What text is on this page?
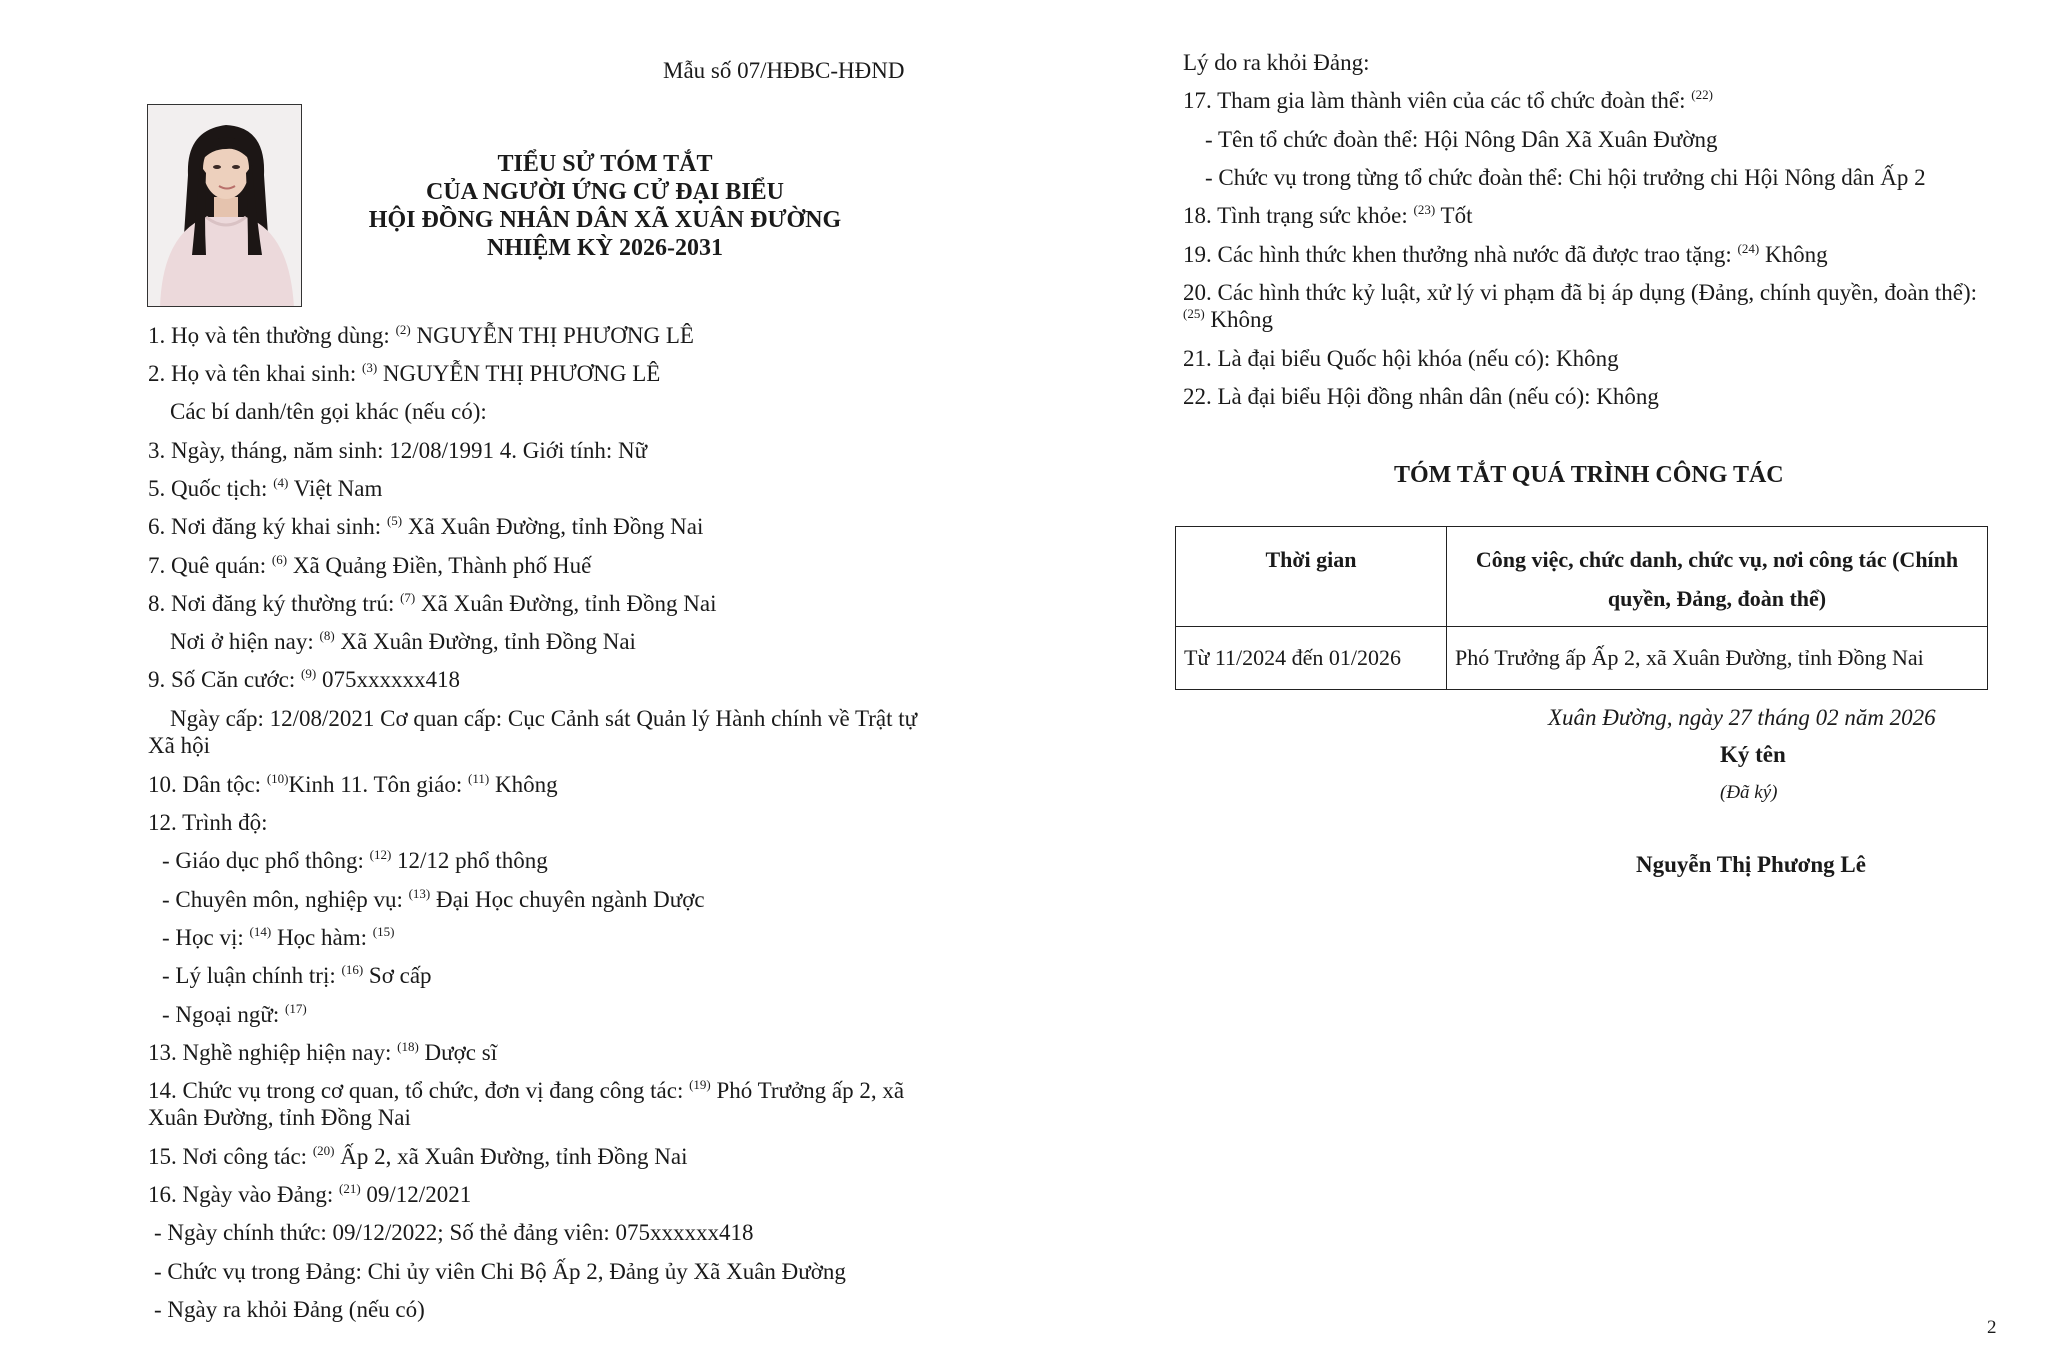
Mẫu số 07/HĐBC-HĐND
TIỂU SỬ TÓM TẮT
CỦA NGƯỜI ỨNG CỬ ĐẠI BIỂU
HỘI ĐỒNG NHÂN DÂN XÃ XUÂN ĐƯỜNG
NHIỆM KỲ 2026-2031
1. Họ và tên thường dùng: $^{(2)}$ NGUYỄN THỊ PHƯƠNG LÊ
2. Họ và tên khai sinh: $^{(3)}$ NGUYỄN THỊ PHƯƠNG LÊ
Các bí danh/tên gọi khác (nếu có):
3. Ngày, tháng, năm sinh: 12/08/1991 4. Giới tính: Nữ
5. Quốc tịch: $^{(4)}$ Việt Nam
6. Nơi đăng ký khai sinh: $^{(5)}$ Xã Xuân Đường, tỉnh Đồng Nai
7. Quê quán: $^{(6)}$ Xã Quảng Điền, Thành phố Huế
8. Nơi đăng ký thường trú: $^{(7)}$ Xã Xuân Đường, tỉnh Đồng Nai
Nơi ở hiện nay: $^{(8)}$ Xã Xuân Đường, tỉnh Đồng Nai
9. Số Căn cước: $^{(9)}$ 075xxxxxx418
Ngày cấp: 12/08/2021 Cơ quan cấp: Cục Cảnh sát Quản lý Hành chính về Trật tự
Xã hội
10. Dân tộc: $^{(10)}$Kinh 11. Tôn giáo: $^{(11)}$ Không
12. Trình độ:
- Giáo dục phổ thông: $^{(12)}$ 12/12 phổ thông
- Chuyên môn, nghiệp vụ: $^{(13)}$ Đại Học chuyên ngành Dược
- Học vị: $^{(14)}$ Học hàm: $^{(15)}$
- Lý luận chính trị: $^{(16)}$ Sơ cấp
- Ngoại ngữ: $^{(17)}$
13. Nghề nghiệp hiện nay: $^{(18)}$ Dược sĩ
14. Chức vụ trong cơ quan, tổ chức, đơn vị đang công tác: $^{(19)}$ Phó Trưởng ấp 2, xã
Xuân Đường, tỉnh Đồng Nai
15. Nơi công tác: $^{(20)}$ Ấp 2, xã Xuân Đường, tỉnh Đồng Nai
16. Ngày vào Đảng: $^{(21)}$ 09/12/2021
- Ngày chính thức: 09/12/2022; Số thẻ đảng viên: 075xxxxxx418
- Chức vụ trong Đảng: Chi ủy viên Chi Bộ Ấp 2, Đảng ủy Xã Xuân Đường
- Ngày ra khỏi Đảng (nếu có)
Lý do ra khỏi Đảng:
17. Tham gia làm thành viên của các tổ chức đoàn thể: $^{(22)}$
- Tên tổ chức đoàn thể: Hội Nông Dân Xã Xuân Đường
- Chức vụ trong từng tổ chức đoàn thể: Chi hội trưởng chi Hội Nông dân Ấp 2
18. Tình trạng sức khỏe: $^{(23)}$ Tốt
19. Các hình thức khen thưởng nhà nước đã được trao tặng: $^{(24)}$ Không
20. Các hình thức kỷ luật, xử lý vi phạm đã bị áp dụng (Đảng, chính quyền, đoàn thể):
$^{(25)}$ Không
21. Là đại biểu Quốc hội khóa (nếu có): Không
22. Là đại biểu Hội đồng nhân dân (nếu có): Không
TÓM TẮT QUÁ TRÌNH CÔNG TÁC
Thời gian	Công việc, chức danh, chức vụ, nơi công tác (Chính quyền, Đảng, đoàn thể)
Từ 11/2024 đến 01/2026	Phó Trưởng ấp Ấp 2, xã Xuân Đường, tỉnh Đồng Nai
Xuân Đường, ngày 27 tháng 02 năm 2026
Ký tên
(Đã ký)
Nguyễn Thị Phương Lê
2
